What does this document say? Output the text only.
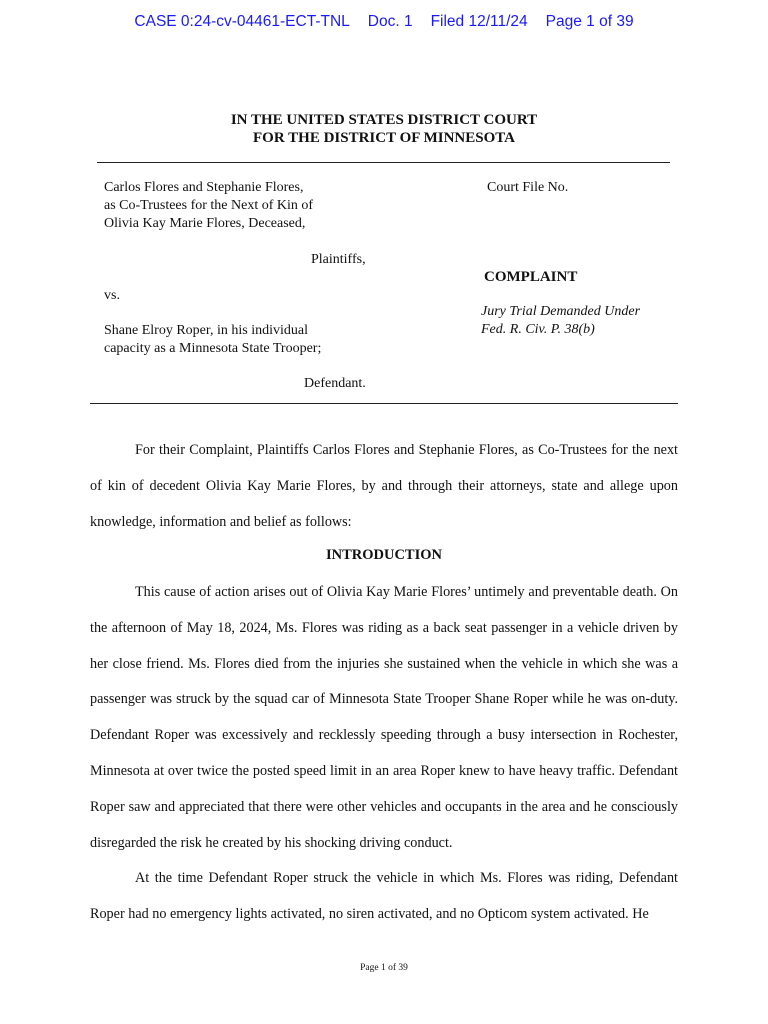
CASE 0:24-cv-04461-ECT-TNL Doc. 1 Filed 12/11/24 Page 1 of 39
IN THE UNITED STATES DISTRICT COURT
FOR THE DISTRICT OF MINNESOTA
Carlos Flores and Stephanie Flores,
as Co-Trustees for the Next of Kin of
Olivia Kay Marie Flores, Deceased,
Plaintiffs,
vs.
Shane Elroy Roper, in his individual
capacity as a Minnesota State Trooper;
Defendant.
Court File No.
COMPLAINT
Jury Trial Demanded Under
Fed. R. Civ. P. 38(b)

For their Complaint, Plaintiffs Carlos Flores and Stephanie Flores, as Co-Trustees for the next of kin of decedent Olivia Kay Marie Flores, by and through their attorneys, state and allege upon knowledge, information and belief as follows:

INTRODUCTION

This cause of action arises out of Olivia Kay Marie Flores’ untimely and preventable death. On the afternoon of May 18, 2024, Ms. Flores was riding as a back seat passenger in a vehicle driven by her close friend. Ms. Flores died from the injuries she sustained when the vehicle in which she was a passenger was struck by the squad car of Minnesota State Trooper Shane Roper while he was on-duty. Defendant Roper was excessively and recklessly speeding through a busy intersection in Rochester, Minnesota at over twice the posted speed limit in an area Roper knew to have heavy traffic. Defendant Roper saw and appreciated that there were other vehicles and occupants in the area and he consciously disregarded the risk he created by his shocking driving conduct.

At the time Defendant Roper struck the vehicle in which Ms. Flores was riding, Defendant Roper had no emergency lights activated, no siren activated, and no Opticom system activated. He

Page 1 of 39
